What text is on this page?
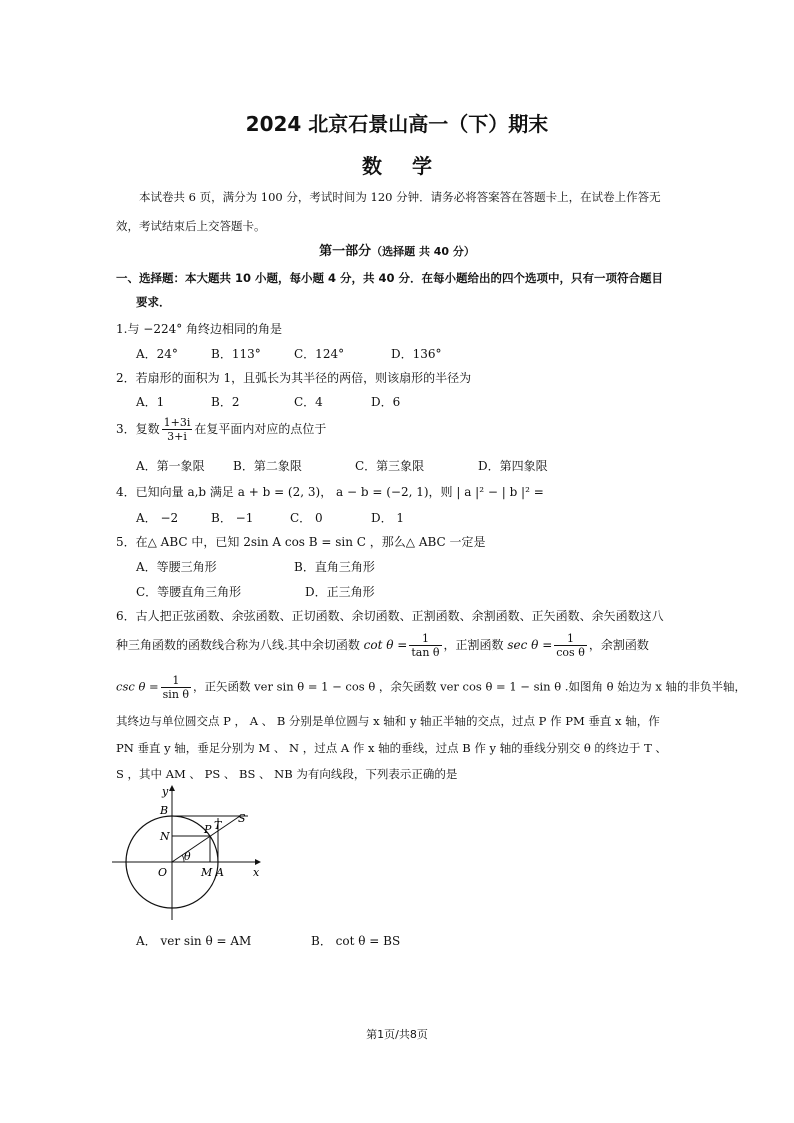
2024 北京石景山高一（下）期末
数学
本试卷共 6 页，满分为 100 分，考试时间为 120 分钟．请务必将答案答在答题卡上，在试卷上作答无效，考试结束后上交答题卡。
第一部分（选择题 共 40 分）
一、选择题：本大题共 10 小题，每小题 4 分，共 40 分．在每小题给出的四个选项中，只有一项符合题目
要求．
1.与 −224° 角终边相同的角是
A．24°	B．113°	C．124°	D．136°
2．若扇形的面积为 1，且弧长为其半径的两倍，则该扇形的半径为
A．1	B．2	C．4	D．6
3．复数 $\frac{1+3i}{3+i}$ 在复平面内对应的点位于
A．第一象限 B．第二象限	C．第三象限	D．第四象限
4．已知向量 a,b 满足 a + b = (2, 3)， a − b = (−2, 1)，则 | a |² − | b |² =
A． −2	B． −1	C． 0	D． 1
5．在△ ABC 中，已知 2sin A cos B = sin C ，那么△ ABC 一定是
A．等腰三角形	B．直角三角形
C．等腰直角三角形	D．正三角形
6．古人把正弦函数、余弦函数、正切函数、余切函数、正割函数、余割函数、正矢函数、余矢函数这八
种三角函数的函数线合称为八线.其中余切函数 $\cot \theta = \frac{1}{\text{tan θ}}$ ，正割函数 $\sec \theta = \frac{1}{\text{cos θ}}$ ，余割函数
$\csc \theta = \frac{1}{\text{sin θ}}$ ，正矢函数 ver sin θ = 1 − cos θ ，余矢函数 ver cos θ = 1 − sin θ .如图角 θ 始边为 x 轴的非负半轴，
其终边与单位圆交点 P ， A 、 B 分别是单位圆与 x 轴和 y 轴正半轴的交点，过点 P 作 PM 垂直 x 轴，作
PN 垂直 y 轴，垂足分别为 M 、 N ，过点 A 作 x 轴的垂线，过点 B 作 y 轴的垂线分别交 θ 的终边于 T 、
S ，其中 AM 、 PS 、 BS 、 NB 为有向线段，下列表示正确的是
y
x
B
N
P T
S
O	M A
θ
A． ver sin θ = AM	B． cot θ = BS
第1页/共8页
